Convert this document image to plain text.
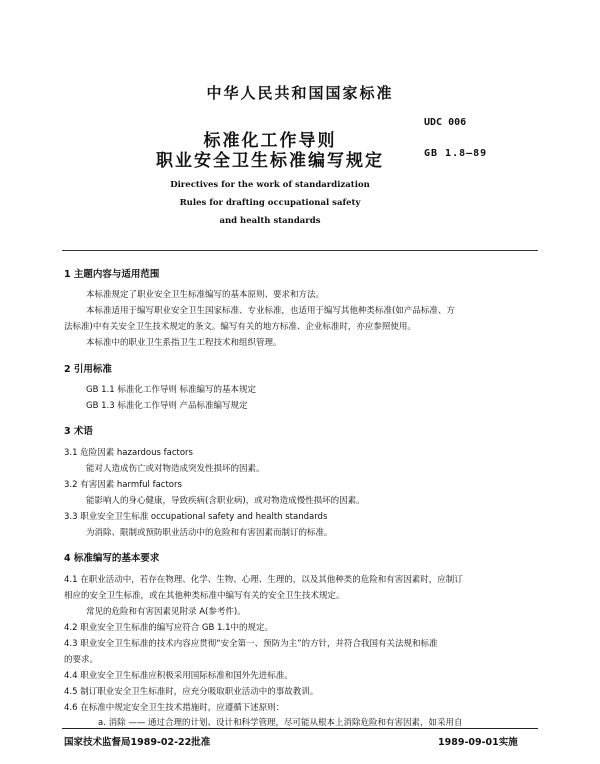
中华人民共和国国家标准
UDC 006
GB 1.8—89
标准化工作导则
职业安全卫生标准编写规定
Directives for the work of standardization
Rules for drafting occupational safety
and health standards
1 主题内容与适用范围
本标准规定了职业安全卫生标准编写的基本原则、要求和方法。
本标准适用于编写职业安全卫生国家标准、专业标准，也适用于编写其他种类标准(如产品标准、方
法标准)中有关安全卫生技术规定的条文。编写有关的地方标准、企业标准时，亦应参照使用。
本标准中的职业卫生系指卫生工程技术和组织管理。
2 引用标准
GB 1.1 标准化工作导则 标准编写的基本规定
GB 1.3 标准化工作导则 产品标准编写规定
3 术语
3.1 危险因素 hazardous factors
能对人造成伤亡或对物造成突发性损坏的因素。
3.2 有害因素 harmful factors
能影响人的身心健康，导致疾病(含职业病)，或对物造成慢性损坏的因素。
3.3 职业安全卫生标准 occupational safety and health standards
为消除、限制或预防职业活动中的危险和有害因素而制订的标准。
4 标准编写的基本要求
4.1 在职业活动中，若存在物理、化学、生物、心理、生理的，以及其他种类的危险和有害因素时，应制订
相应的安全卫生标准，或在其他种类标准中编写有关的安全卫生技术规定。
常见的危险和有害因素见附录 A(参考件)。
4.2 职业安全卫生标准的编写应符合 GB 1.1中的规定。
4.3 职业安全卫生标准的技术内容应贯彻“安全第一、预防为主”的方针，并符合我国有关法规和标准
的要求。
4.4 职业安全卫生标准应积极采用国际标准和国外先进标准。
4.5 制订职业安全卫生标准时，应充分吸取职业活动中的事故教训。
4.6 在标准中规定安全卫生技术措施时，应遵循下述原则：
a. 消除 —— 通过合理的计划、设计和科学管理，尽可能从根本上消除危险和有害因素，如采用自
国家技术监督局1989-02-22批准	1989-09-01实施
